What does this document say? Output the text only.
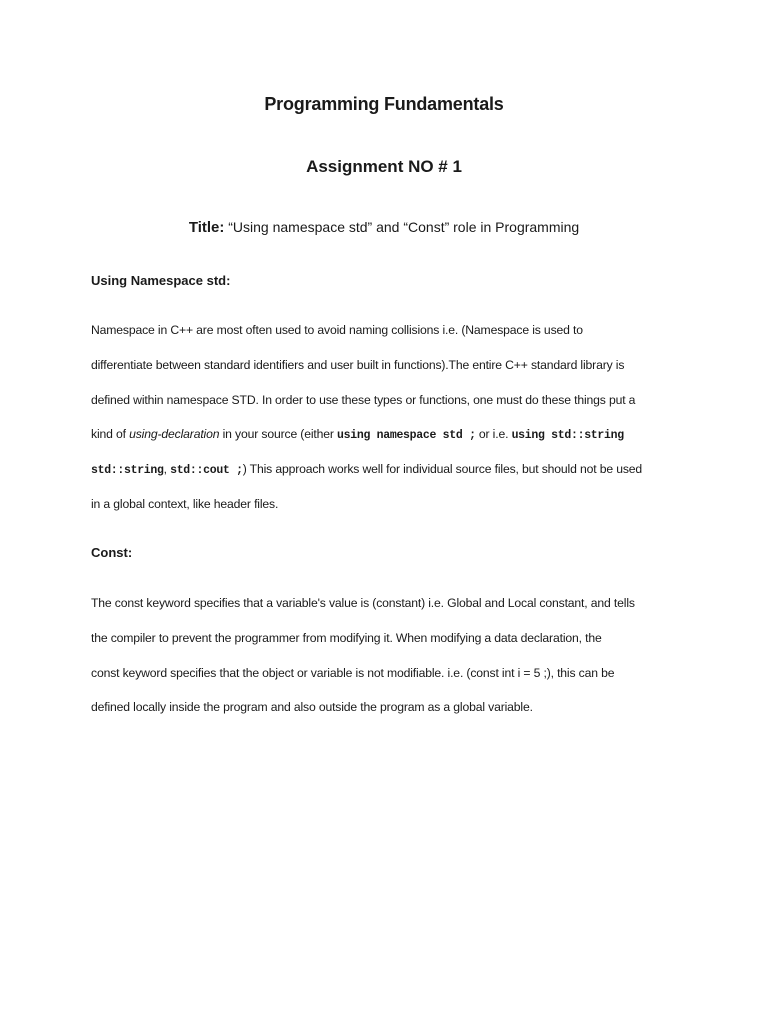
Programming Fundamentals
Assignment NO # 1
Title: “Using namespace std” and “Const” role in Programming
Using Namespace std:
Namespace in C++ are most often used to avoid naming collisions i.e. (Namespace is used to
differentiate between standard identifiers and user built in functions).The entire C++ standard library is
defined within namespace STD. In order to use these types or functions, one must do these things put a
kind of using-declaration in your source (either using namespace std ; or i.e. using std::string
std::string, std::cout ;) This approach works well for individual source files, but should not be used
in a global context, like header files.
Const:
The const keyword specifies that a variable's value is (constant) i.e. Global and Local constant, and tells
the compiler to prevent the programmer from modifying it. When modifying a data declaration, the
const keyword specifies that the object or variable is not modifiable. i.e. (const int i = 5 ;), this can be
defined locally inside the program and also outside the program as a global variable.
